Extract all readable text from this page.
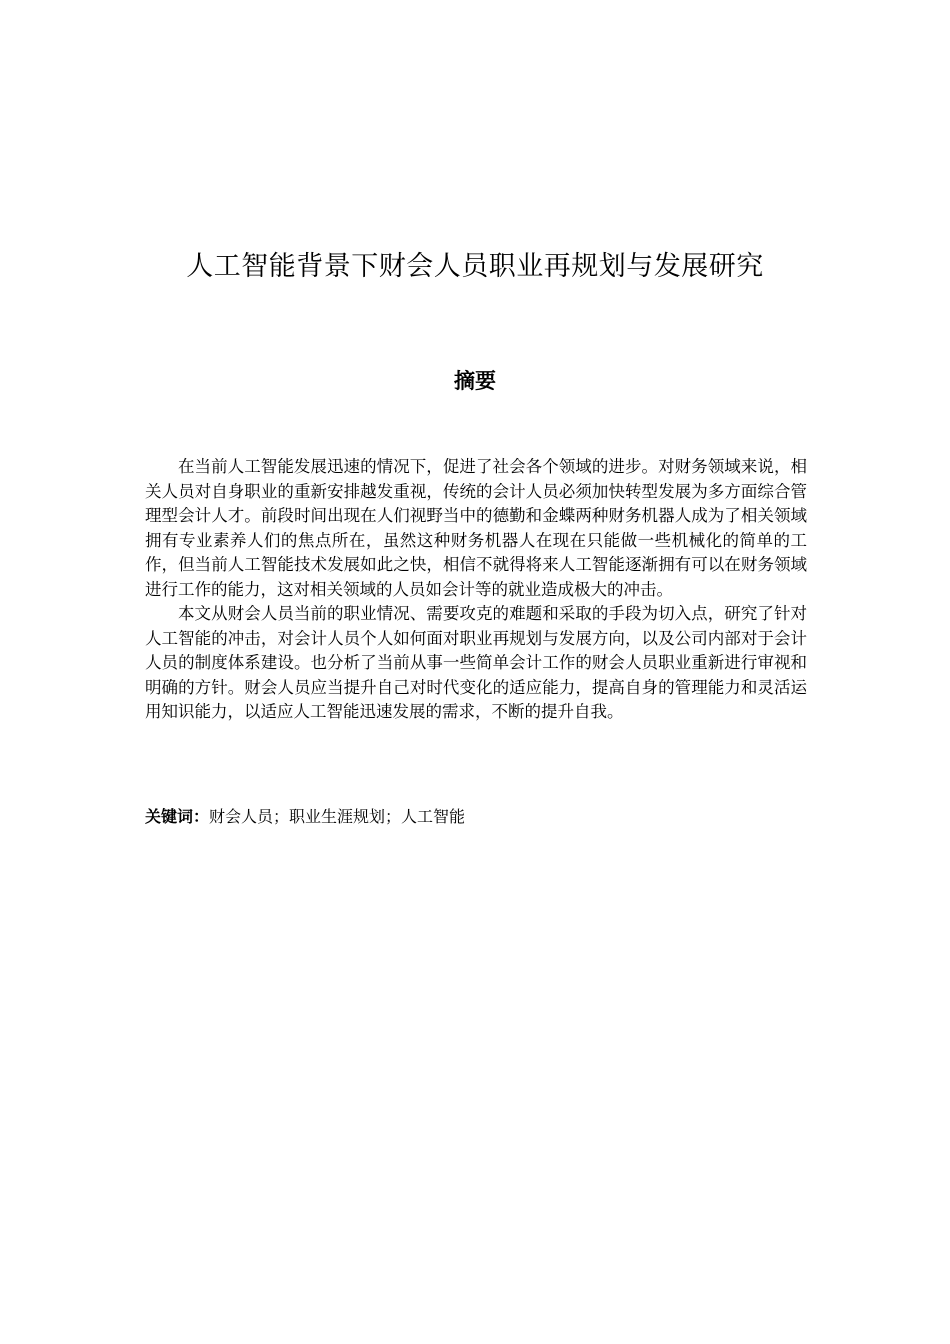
人工智能背景下财会人员职业再规划与发展研究
摘要

在当前人工智能发展迅速的情况下，促进了社会各个领域的进步。对财务领域来说，相关人员对自身职业的重新安排越发重视，传统的会计人员必须加快转型发展为多方面综合管理型会计人才。前段时间出现在人们视野当中的德勤和金蝶两种财务机器人成为了相关领域拥有专业素养人们的焦点所在，虽然这种财务机器人在现在只能做一些机械化的简单的工作，但当前人工智能技术发展如此之快，相信不就得将来人工智能逐渐拥有可以在财务领域进行工作的能力，这对相关领域的人员如会计等的就业造成极大的冲击。

本文从财会人员当前的职业情况、需要攻克的难题和采取的手段为切入点，研究了针对人工智能的冲击，对会计人员个人如何面对职业再规划与发展方向，以及公司内部对于会计人员的制度体系建设。也分析了当前从事一些简单会计工作的财会人员职业重新进行审视和明确的方针。财会人员应当提升自己对时代变化的适应能力，提高自身的管理能力和灵活运用知识能力，以适应人工智能迅速发展的需求，不断的提升自我。

关键词：财会人员；职业生涯规划；人工智能
